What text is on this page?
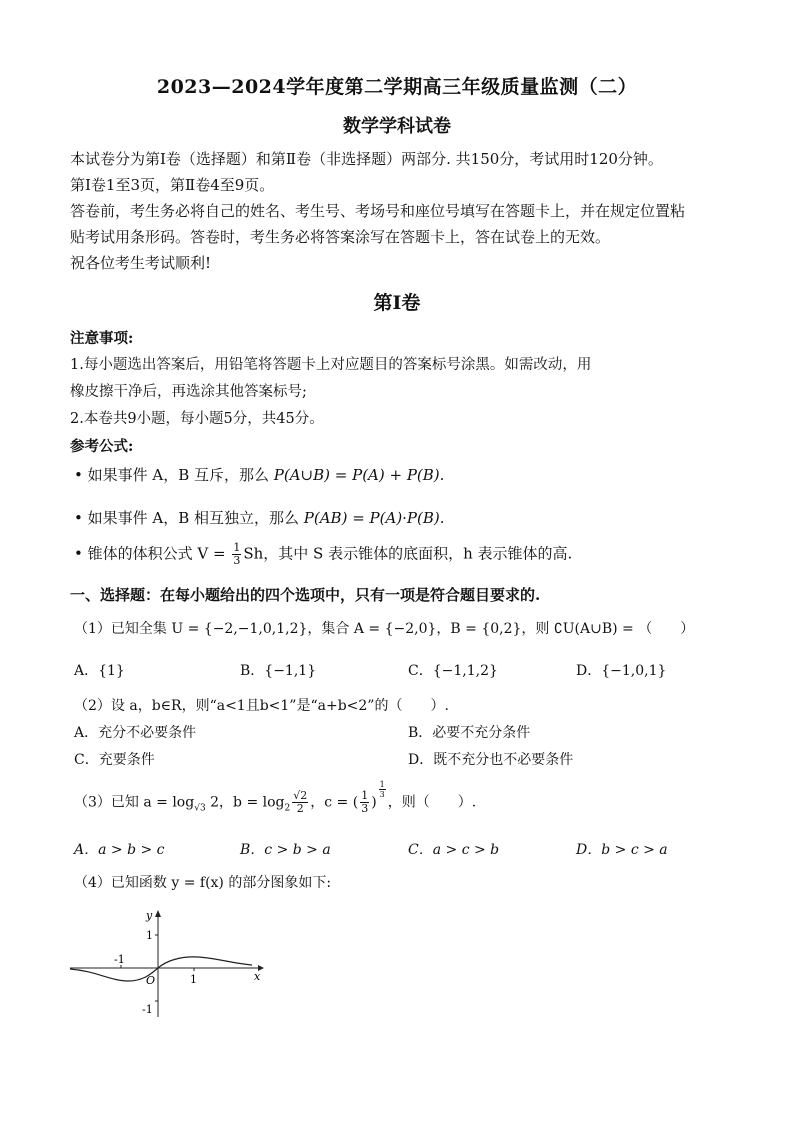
2023—2024学年度第二学期高三年级质量监测（二）
数学学科试卷

本试卷分为第Ⅰ卷（选择题）和第Ⅱ卷（非选择题）两部分. 共150分，考试用时120分钟。

第Ⅰ卷1至3页，第Ⅱ卷4至9页。

答卷前，考生务必将自己的姓名、考生号、考场号和座位号填写在答题卡上，并在规定位置粘

贴考试用条形码。答卷时，考生务必将答案涂写在答题卡上，答在试卷上的无效。

祝各位考生考试顺利!

第Ⅰ卷

注意事项:

1.每小题选出答案后，用铅笔将答题卡上对应题目的答案标号涂黑。如需改动，用

橡皮擦干净后，再选涂其他答案标号;

2.本卷共9小题，每小题5分，共45分。

参考公式:

• 如果事件 A，B 互斥，那么 P(A∪B) = P(A) + P(B).
• 如果事件 A，B 相互独立，那么 P(AB) = P(A)·P(B).
• 锥体的体积公式 $V = \frac{1}{3}$ Sh，其中 S 表示锥体的底面积，h 表示锥体的高.
一、选择题：在每小题给出的四个选项中，只有一项是符合题目要求的.
（1）已知全集 U = {−2,−1,0,1,2}，集合 A = {−2,0}，B = {0,2}，则 ∁U(A∪B) = （　　）
A．{1}	B．{−1,1}	C．{−1,1,2}	D．{−1,0,1}
（2）设 a，b∈R，则“a<1且b<1”是“a+b<2”的（　　）.
A．充分不必要条件	B．必要不充分条件
C．充要条件	D．既不充分也不必要条件
（3）已知 $a = \log_{√3} 2$，$b = \log_2 \frac{√2}{2}$ ，c = ( $\frac{1}{3}$ )
$^{\frac{1}{3}}$
，则（　　）.
A．a > b > c	B．c > b > a	C．a > c > b	D．b > c > a
（4）已知函数 y = f(x) 的部分图象如下:
y
x
O
1
-1
-1
1
